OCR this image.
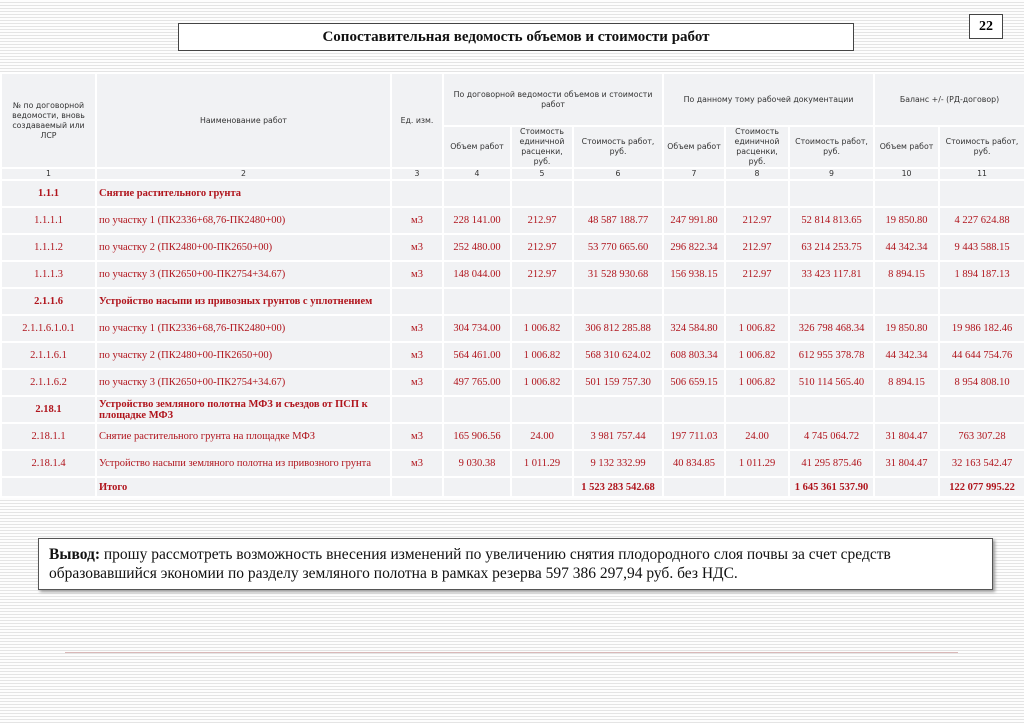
Сопоставительная ведомость объемов и стоимости работ
22
№ по договорной ведомости, вновь создаваемый или ЛСР	Наименование работ	Ед. изм.	По договорной ведомости объемов и стоимости работ			По данному тому рабочей документации			Баланс +/- (РД-договор)	
			Объем работ	Стоимость единичной расценки, руб.	Стоимость работ, руб.	Объем работ	Стоимость единичной расценки, руб.	Стоимость работ, руб.	Объем работ	Стоимость работ, руб.
1	2	3	4	5	6	7	8	9	10	11
1.1.1	Снятие растительного грунта									
1.1.1.1	по участку 1 (ПК2336+68,76-ПК2480+00)	м3	228 141.00	212.97	48 587 188.77	247 991.80	212.97	52 814 813.65	19 850.80	4 227 624.88
1.1.1.2	по участку 2 (ПК2480+00-ПК2650+00)	м3	252 480.00	212.97	53 770 665.60	296 822.34	212.97	63 214 253.75	44 342.34	9 443 588.15
1.1.1.3	по участку 3 (ПК2650+00-ПК2754+34.67)	м3	148 044.00	212.97	31 528 930.68	156 938.15	212.97	33 423 117.81	8 894.15	1 894 187.13
2.1.1.6	Устройство насыпи из привозных грунтов с уплотнением									
2.1.1.6.1.0.1	по участку 1 (ПК2336+68,76-ПК2480+00)	м3	304 734.00	1 006.82	306 812 285.88	324 584.80	1 006.82	326 798 468.34	19 850.80	19 986 182.46
2.1.1.6.1	по участку 2 (ПК2480+00-ПК2650+00)	м3	564 461.00	1 006.82	568 310 624.02	608 803.34	1 006.82	612 955 378.78	44 342.34	44 644 754.76
2.1.1.6.2	по участку 3 (ПК2650+00-ПК2754+34.67)	м3	497 765.00	1 006.82	501 159 757.30	506 659.15	1 006.82	510 114 565.40	8 894.15	8 954 808.10
2.18.1	Устройство земляного полотна МФЗ и съездов от ПСП к площадке МФЗ									
2.18.1.1	Снятие растительного грунта на площадке МФЗ	м3	165 906.56	24.00	3 981 757.44	197 711.03	24.00	4 745 064.72	31 804.47	763 307.28
2.18.1.4	Устройство насыпи земляного полотна из привозного грунта	м3	9 030.38	1 011.29	9 132 332.99	40 834.85	1 011.29	41 295 875.46	31 804.47	32 163 542.47
	Итого				1 523 283 542.68			1 645 361 537.90		122 077 995.22
Вывод: прошу рассмотреть возможность внесения изменений по увеличению снятия плодородного слоя почвы за счет средств образовавшийся экономии по разделу земляного полотна в рамках резерва 597 386 297,94 руб. без НДС.
